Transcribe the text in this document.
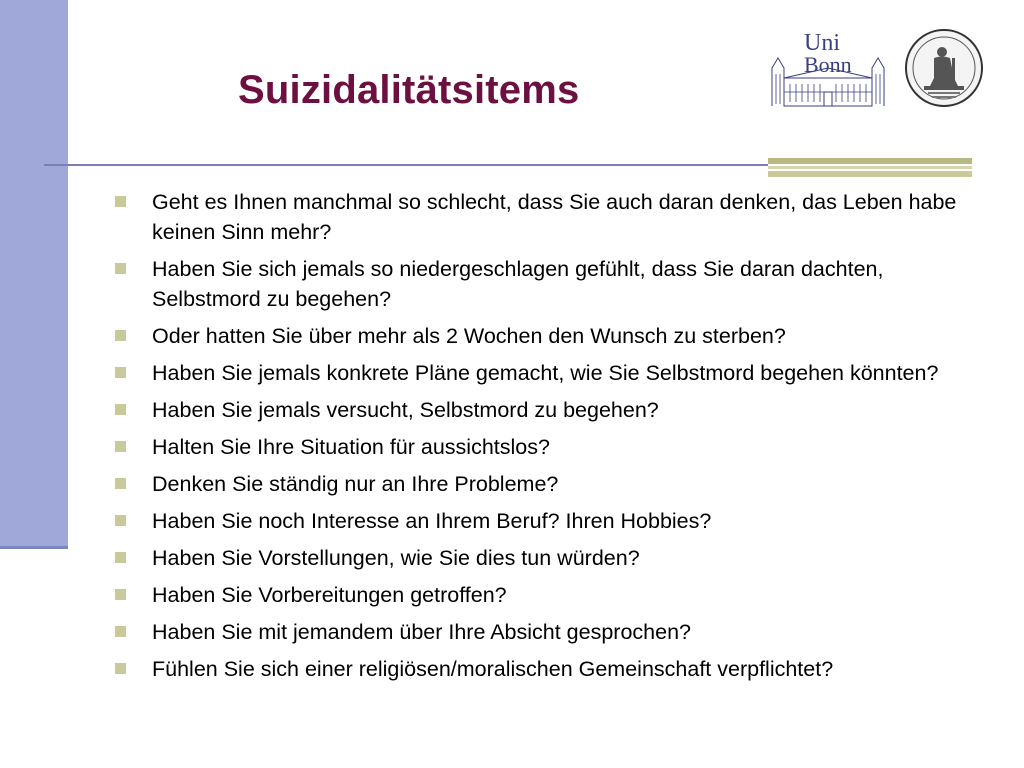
Suizidalitätsitems
Uni
Bonn
Geht es Ihnen manchmal so schlecht, dass Sie auch daran denken, das Leben habe keinen Sinn mehr?
Haben Sie sich jemals so niedergeschlagen gefühlt, dass Sie daran dachten, Selbstmord zu begehen?
Oder hatten Sie über mehr als 2 Wochen den Wunsch zu sterben?
Haben Sie jemals konkrete Pläne gemacht, wie Sie Selbstmord begehen könnten?
Haben Sie jemals versucht, Selbstmord zu begehen?
Halten Sie Ihre Situation für aussichtslos?
Denken Sie ständig nur an Ihre Probleme?
Haben Sie noch Interesse an Ihrem Beruf? Ihren Hobbies?
Haben Sie Vorstellungen, wie Sie dies tun würden?
Haben Sie Vorbereitungen getroffen?
Haben Sie mit jemandem über Ihre Absicht gesprochen?
Fühlen Sie sich einer religiösen/moralischen Gemeinschaft verpflichtet?
